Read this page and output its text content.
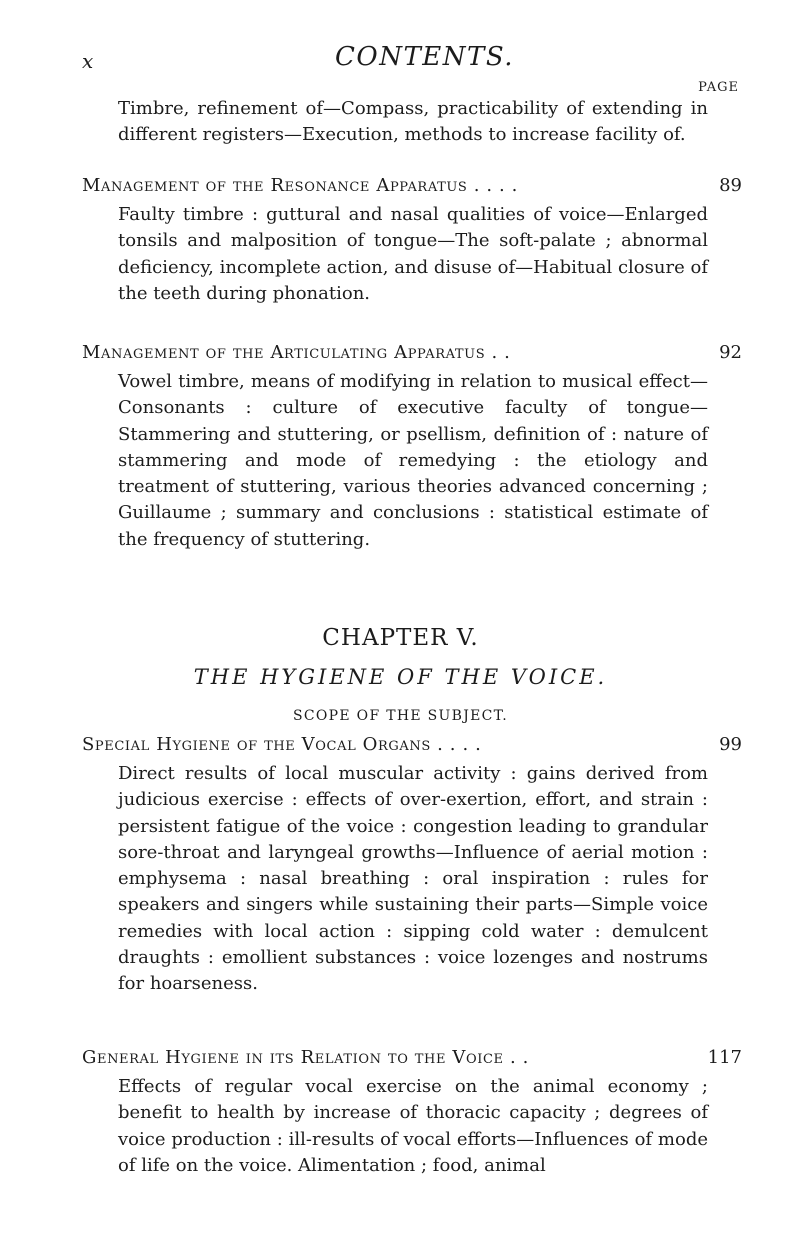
x	CONTENTS.
PAGE
Timbre, refinement of—Compass, practicability of extending in different registers—Execution, methods to increase facility of.
Management of the Resonance Apparatus . . . .	89
Faulty timbre : guttural and nasal qualities of voice—Enlarged tonsils and malposition of tongue—The soft-palate ; abnormal deficiency, incomplete action, and disuse of—Habitual closure of the teeth during phonation.
Management of the Articulating Apparatus . .	92
Vowel timbre, means of modifying in relation to musical effect—Consonants : culture of executive faculty of tongue—Stammering and stuttering, or psellism, definition of : nature of stammering and mode of remedying : the etiology and treatment of stuttering, various theories advanced concerning ; Guillaume ; summary and conclusions : statistical estimate of the frequency of stuttering.
CHAPTER V.
THE HYGIENE OF THE VOICE.
SCOPE OF THE SUBJECT.
Special Hygiene of the Vocal Organs . . . .	99
Direct results of local muscular activity : gains derived from judicious exercise : effects of over-exertion, effort, and strain : persistent fatigue of the voice : congestion leading to grandular sore-throat and laryngeal growths—Influence of aerial motion : emphysema : nasal breathing : oral inspiration : rules for speakers and singers while sustaining their parts—Simple voice remedies with local action : sipping cold water : demulcent draughts : emollient substances : voice lozenges and nostrums for hoarseness.
General Hygiene in its Relation to the Voice . .	117
Effects of regular vocal exercise on the animal economy ; benefit to health by increase of thoracic capacity ; degrees of voice production : ill-results of vocal efforts—Influences of mode of life on the voice. Alimentation ; food, animal
